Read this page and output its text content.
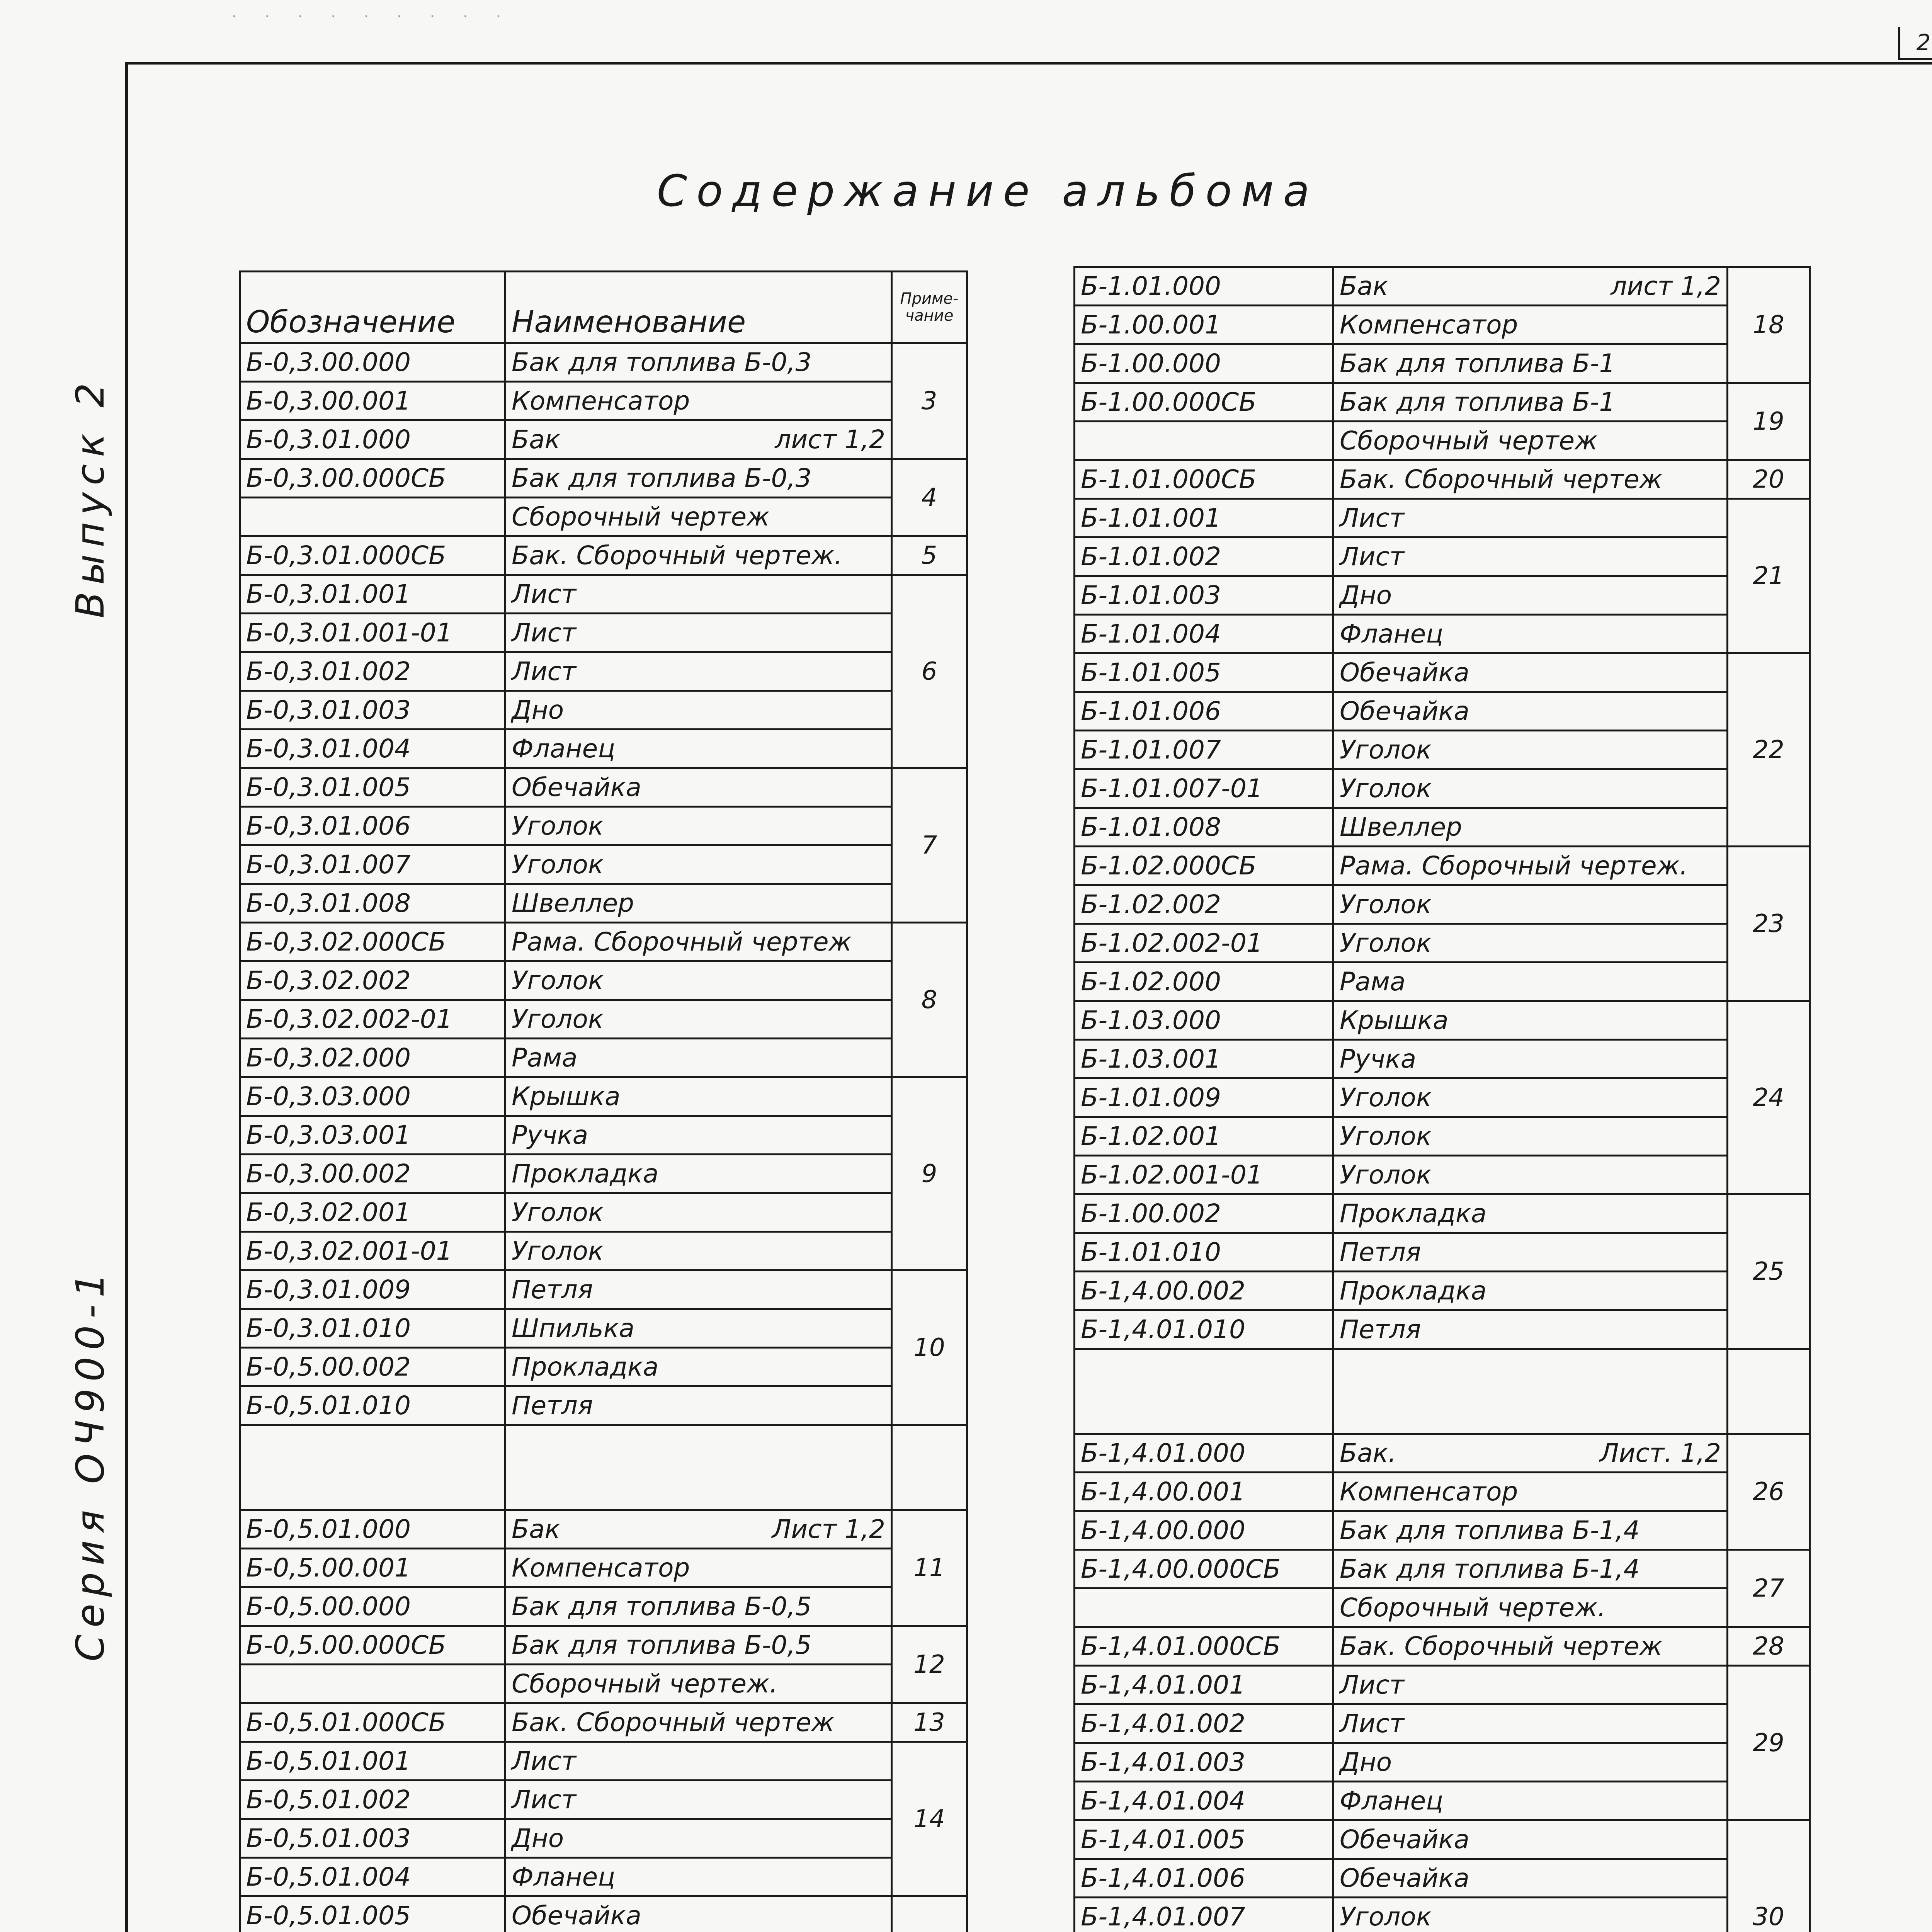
· · · · · · · · ·
2
Содержание альбома
Серия ОЧ900-1
Выпуск 2
Обозначение	Наименование	Примечание
Б-0,3.00.000	Бак для топлива Б-0,3	3
Б-0,3.00.001	Компенсатор	

Б-0,3.01.000	Бак лист 1,2	

Б-0,3.00.000СБ	Бак для топлива Б-0,3	4

	Сборочный чертеж	

Б-0,3.01.000СБ	Бак. Сборочный чертеж.	5
Б-0,3.01.001	Лист	6
Б-0,3.01.001-01	Лист	

Б-0,3.01.002	Лист	

Б-0,3.01.003	Дно	

Б-0,3.01.004	Фланец	

Б-0,3.01.005	Обечайка	7
Б-0,3.01.006	Уголок	

Б-0,3.01.007	Уголок	

Б-0,3.01.008	Швеллер	

Б-0,3.02.000СБ	Рама. Сборочный чертеж	8
Б-0,3.02.002	Уголок	

Б-0,3.02.002-01	Уголок	

Б-0,3.02.000	Рама	

Б-0,3.03.000	Крышка	9
Б-0,3.03.001	Ручка	

Б-0,3.00.002	Прокладка	

Б-0,3.02.001	Уголок	

Б-0,3.02.001-01	Уголок	

Б-0,3.01.009	Петля	10
Б-0,3.01.010	Шпилька	

Б-0,5.00.002	Прокладка	

Б-0,5.01.010	Петля	

Б-0,5.01.000	Бак Лист 1,2	11
Б-0,5.00.001	Компенсатор	

Б-0,5.00.000	Бак для топлива Б-0,5	

Б-0,5.00.000СБ	Бак для топлива Б-0,5	12

	Сборочный чертеж.	

Б-0,5.01.000СБ	Бак. Сборочный чертеж	13
Б-0,5.01.001	Лист	14
Б-0,5.01.002	Лист	

Б-0,5.01.003	Дно	

Б-0,5.01.004	Фланец	

Б-0,5.01.005	Обечайка

Б-1.01.000	Бак лист 1,2	18
Б-1.00.001	Компенсатор	

Б-1.00.000	Бак для топлива Б-1	

Б-1.00.000СБ	Бак для топлива Б-1	19

	Сборочный чертеж	

Б-1.01.000СБ	Бак. Сборочный чертеж	20
Б-1.01.001	Лист	21
Б-1.01.002	Лист	

Б-1.01.003	Дно	

Б-1.01.004	Фланец	

Б-1.01.005	Обечайка	22
Б-1.01.006	Обечайка	

Б-1.01.007	Уголок	

Б-1.01.007-01	Уголок	

Б-1.01.008	Швеллер	

Б-1.02.000СБ	Рама. Сборочный чертеж.	23
Б-1.02.002	Уголок	

Б-1.02.002-01	Уголок	

Б-1.02.000	Рама	

Б-1.03.000	Крышка	24
Б-1.03.001	Ручка	

Б-1.01.009	Уголок	

Б-1.02.001	Уголок	

Б-1.02.001-01	Уголок	

Б-1.00.002	Прокладка	25
Б-1.01.010	Петля	

Б-1,4.00.002	Прокладка	

Б-1,4.01.010	Петля	

Б-1,4.01.000	Бак. Лист. 1,2	26
Б-1,4.00.001	Компенсатор	

Б-1,4.00.000	Бак для топлива Б-1,4	

Б-1,4.00.000СБ	Бак для топлива Б-1,4	27

	Сборочный чертеж.	

Б-1,4.01.000СБ	Бак. Сборочный чертеж	28
Б-1,4.01.001	Лист	29
Б-1,4.01.002	Лист	

Б-1,4.01.003	Дно	

Б-1,4.01.004	Фланец	

Б-1,4.01.005	Обечайка	30
Б-1,4.01.006	Обечайка	

Б-1,4.01.007	Уголок	
